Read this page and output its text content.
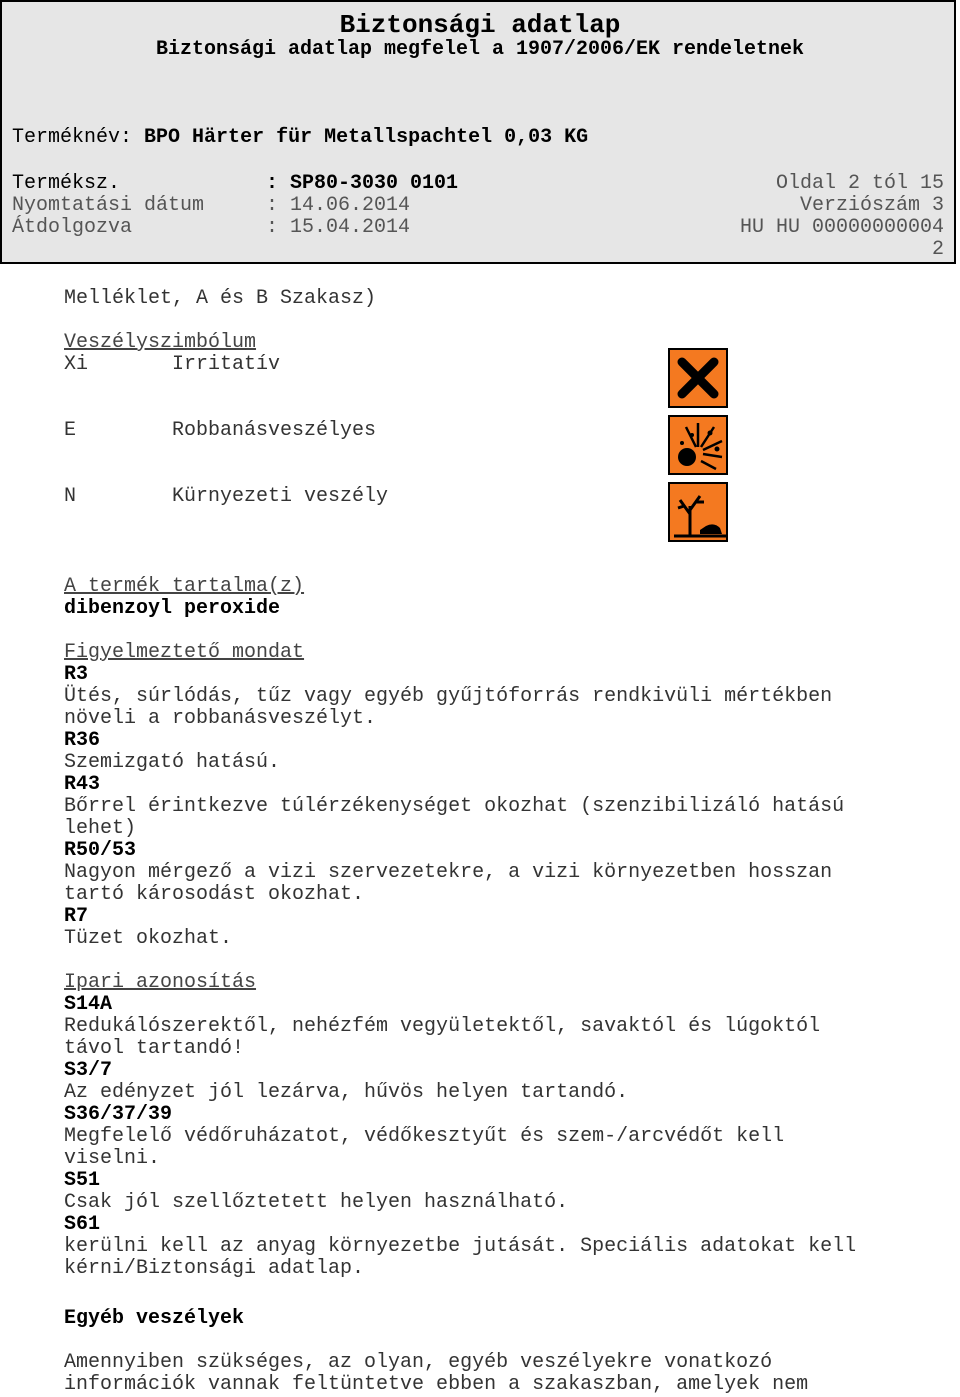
Biztonsági adatlap
Biztonsági adatlap megfelel a 1907/2006/EK rendeletnek
Terméknév: BPO Härter für Metallspachtel 0,03 KG
Terméksz.	: SP80-3030 0101
Nyomtatási dátum	: 14.06.2014
Átdolgozva	: 15.04.2014
Oldal 2 tól 15
Verziószám 3
HU HU 00000000004
2
Melléklet, A és B Szakasz)
Veszélyszimbólum
Xi	Irritatív
E	Robbanásveszélyes
N	Kürnyezeti veszély
A termék tartalma(z)
dibenzoyl peroxide
Figyelmeztető mondat
R3
Ütés, súrlódás, tűz vagy egyéb gyűjtóforrás rendkivüli mértékben
növeli a robbanásveszélyt.
R36
Szemizgató hatású.
R43
Bőrrel érintkezve túlérzékenységet okozhat (szenzibilizáló hatású
lehet)
R50/53
Nagyon mérgező a vizi szervezetekre, a vizi környezetben hosszan
tartó károsodást okozhat.
R7
Tüzet okozhat.
Ipari azonosítás
S14A
Redukálószerektől, nehézfém vegyületektől, savaktól és lúgoktól
távol tartandó!
S3/7
Az edényzet jól lezárva, hűvös helyen tartandó.
S36/37/39
Megfelelő védőruházatot, védőkesztyűt és szem-/arcvédőt kell
viselni.
S51
Csak jól szellőztetett helyen használható.
S61
kerülni kell az anyag környezetbe jutását. Speciális adatokat kell
kérni/Biztonsági adatlap.
Egyéb veszélyek
Amennyiben szükséges, az olyan, egyéb veszélyekre vonatkozó
információk vannak feltüntetve ebben a szakaszban, amelyek nem
